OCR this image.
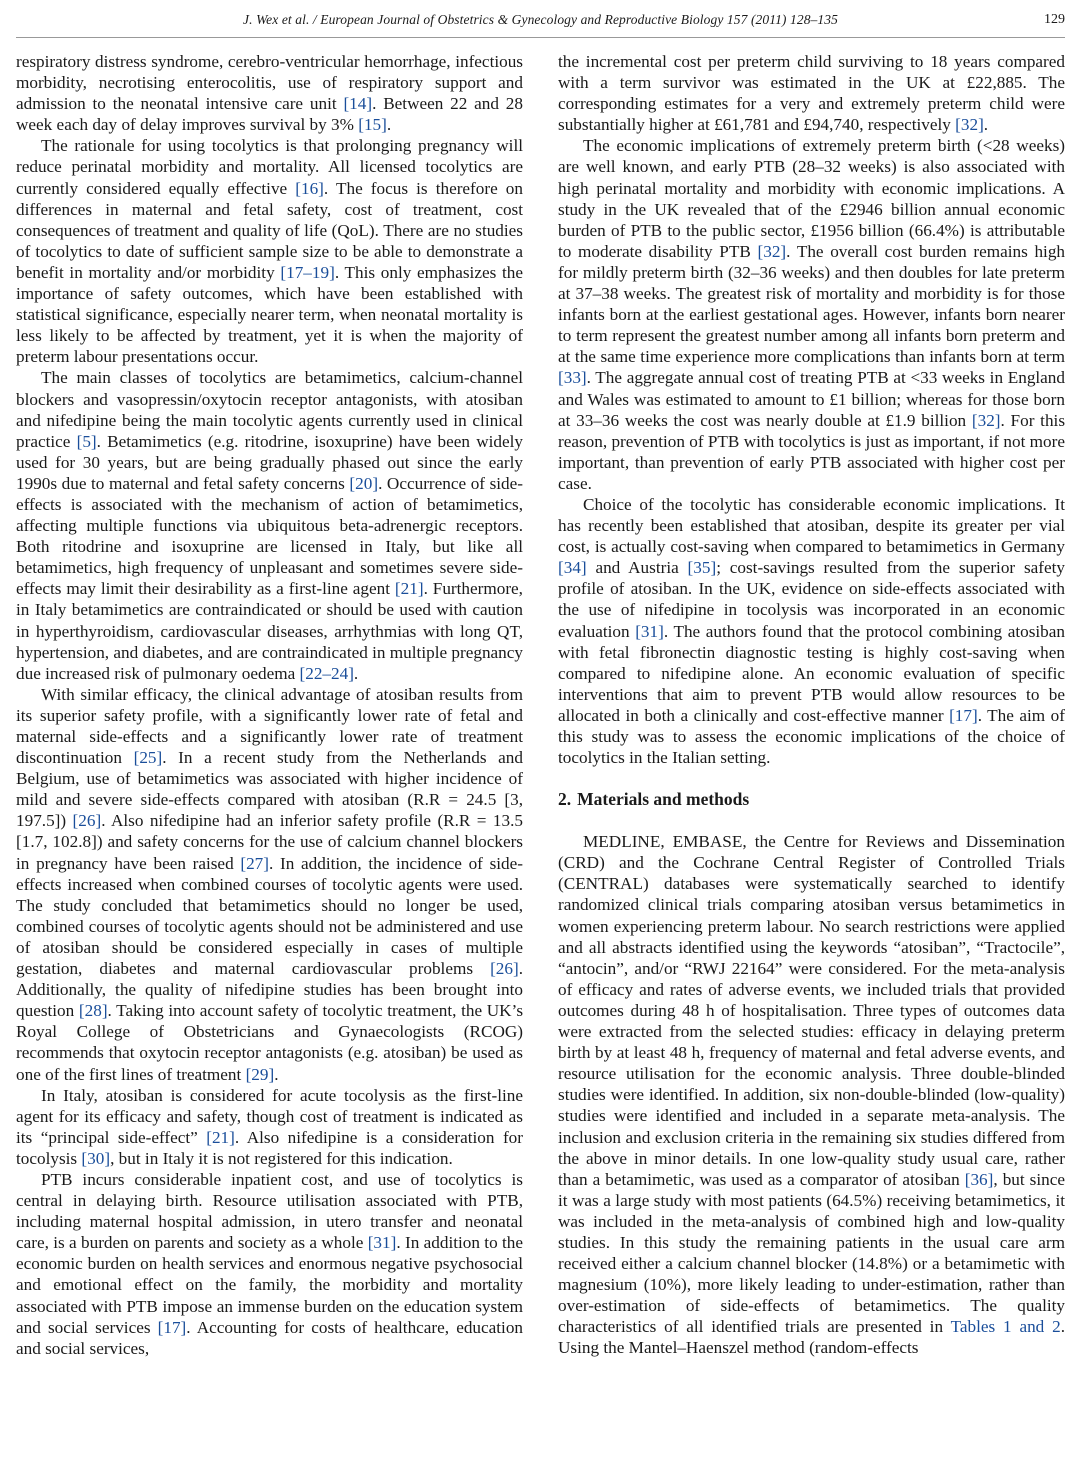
J. Wex et al. / European Journal of Obstetrics & Gynecology and Reproductive Biology 157 (2011) 128–135	129

respiratory distress syndrome, cerebro-ventricular hemorrhage, infectious morbidity, necrotising enterocolitis, use of respiratory support and admission to the neonatal intensive care unit [14]. Between 22 and 28 week each day of delay improves survival by 3% [15].

The rationale for using tocolytics is that prolonging pregnancy will reduce perinatal morbidity and mortality. All licensed tocolytics are currently considered equally effective [16]. The focus is therefore on differences in maternal and fetal safety, cost of treatment, cost consequences of treatment and quality of life (QoL). There are no studies of tocolytics to date of sufficient sample size to be able to demonstrate a benefit in mortality and/or morbidity [17–19]. This only emphasizes the importance of safety outcomes, which have been established with statistical significance, especially nearer term, when neonatal mortality is less likely to be affected by treatment, yet it is when the majority of preterm labour presentations occur.

The main classes of tocolytics are betamimetics, calcium-channel blockers and vasopressin/oxytocin receptor antagonists, with atosiban and nifedipine being the main tocolytic agents currently used in clinical practice [5]. Betamimetics (e.g. ritodrine, isoxuprine) have been widely used for 30 years, but are being gradually phased out since the early 1990s due to maternal and fetal safety concerns [20]. Occurrence of side-effects is associated with the mechanism of action of betamimetics, affecting multiple functions via ubiquitous beta-adrenergic receptors. Both ritodrine and isoxuprine are licensed in Italy, but like all betamimetics, high frequency of unpleasant and sometimes severe side-effects may limit their desirability as a first-line agent [21]. Furthermore, in Italy betamimetics are contraindicated or should be used with caution in hyperthyroidism, cardiovascular diseases, arrhythmias with long QT, hypertension, and diabetes, and are contraindicated in multiple pregnancy due increased risk of pulmonary oedema [22–24].

With similar efficacy, the clinical advantage of atosiban results from its superior safety profile, with a significantly lower rate of fetal and maternal side-effects and a significantly lower rate of treatment discontinuation [25]. In a recent study from the Netherlands and Belgium, use of betamimetics was associated with higher incidence of mild and severe side-effects compared with atosiban (R.R = 24.5 [3, 197.5]) [26]. Also nifedipine had an inferior safety profile (R.R = 13.5 [1.7, 102.8]) and safety concerns for the use of calcium channel blockers in pregnancy have been raised [27]. In addition, the incidence of side-effects increased when combined courses of tocolytic agents were used. The study concluded that betamimetics should no longer be used, combined courses of tocolytic agents should not be administered and use of atosiban should be considered especially in cases of multiple gestation, diabetes and maternal cardiovascular problems [26]. Additionally, the quality of nifedipine studies has been brought into question [28]. Taking into account safety of tocolytic treatment, the UK’s Royal College of Obstetricians and Gynaecologists (RCOG) recommends that oxytocin receptor antagonists (e.g. atosiban) be used as one of the first lines of treatment [29].

In Italy, atosiban is considered for acute tocolysis as the first-line agent for its efficacy and safety, though cost of treatment is indicated as its “principal side-effect” [21]. Also nifedipine is a consideration for tocolysis [30], but in Italy it is not registered for this indication.

PTB incurs considerable inpatient cost, and use of tocolytics is central in delaying birth. Resource utilisation associated with PTB, including maternal hospital admission, in utero transfer and neonatal care, is a burden on parents and society as a whole [31]. In addition to the economic burden on health services and enormous negative psychosocial and emotional effect on the family, the morbidity and mortality associated with PTB impose an immense burden on the education system and social services [17]. Accounting for costs of healthcare, education and social services,

the incremental cost per preterm child surviving to 18 years compared with a term survivor was estimated in the UK at £22,885. The corresponding estimates for a very and extremely preterm child were substantially higher at £61,781 and £94,740, respectively [32].

The economic implications of extremely preterm birth (<28 weeks) are well known, and early PTB (28–32 weeks) is also associated with high perinatal mortality and morbidity with economic implications. A study in the UK revealed that of the £2946 billion annual economic burden of PTB to the public sector, £1956 billion (66.4%) is attributable to moderate disability PTB [32]. The overall cost burden remains high for mildly preterm birth (32–36 weeks) and then doubles for late preterm at 37–38 weeks. The greatest risk of mortality and morbidity is for those infants born at the earliest gestational ages. However, infants born nearer to term represent the greatest number among all infants born preterm and at the same time experience more complications than infants born at term [33]. The aggregate annual cost of treating PTB at <33 weeks in England and Wales was estimated to amount to £1 billion; whereas for those born at 33–36 weeks the cost was nearly double at £1.9 billion [32]. For this reason, prevention of PTB with tocolytics is just as important, if not more important, than prevention of early PTB associated with higher cost per case.

Choice of the tocolytic has considerable economic implications. It has recently been established that atosiban, despite its greater per vial cost, is actually cost-saving when compared to betamimetics in Germany [34] and Austria [35]; cost-savings resulted from the superior safety profile of atosiban. In the UK, evidence on side-effects associated with the use of nifedipine in tocolysis was incorporated in an economic evaluation [31]. The authors found that the protocol combining atosiban with fetal fibronectin diagnostic testing is highly cost-saving when compared to nifedipine alone. An economic evaluation of specific interventions that aim to prevent PTB would allow resources to be allocated in both a clinically and cost-effective manner [17]. The aim of this study was to assess the economic implications of the choice of tocolytics in the Italian setting.

2. Materials and methods

MEDLINE, EMBASE, the Centre for Reviews and Dissemination (CRD) and the Cochrane Central Register of Controlled Trials (CENTRAL) databases were systematically searched to identify randomized clinical trials comparing atosiban versus betamimetics in women experiencing preterm labour. No search restrictions were applied and all abstracts identified using the keywords “atosiban”, “Tractocile”, “antocin”, and/or “RWJ 22164” were considered. For the meta-analysis of efficacy and rates of adverse events, we included trials that provided outcomes during 48 h of hospitalisation. Three types of outcomes data were extracted from the selected studies: efficacy in delaying preterm birth by at least 48 h, frequency of maternal and fetal adverse events, and resource utilisation for the economic analysis. Three double-blinded studies were identified. In addition, six non-double-blinded (low-quality) studies were identified and included in a separate meta-analysis. The inclusion and exclusion criteria in the remaining six studies differed from the above in minor details. In one low-quality study usual care, rather than a betamimetic, was used as a comparator of atosiban [36], but since it was a large study with most patients (64.5%) receiving betamimetics, it was included in the meta-analysis of combined high and low-quality studies. In this study the remaining patients in the usual care arm received either a calcium channel blocker (14.8%) or a betamimetic with magnesium (10%), more likely leading to under-estimation, rather than over-estimation of side-effects of betamimetics. The quality characteristics of all identified trials are presented in Tables 1 and 2. Using the Mantel–Haenszel method (random-effects
